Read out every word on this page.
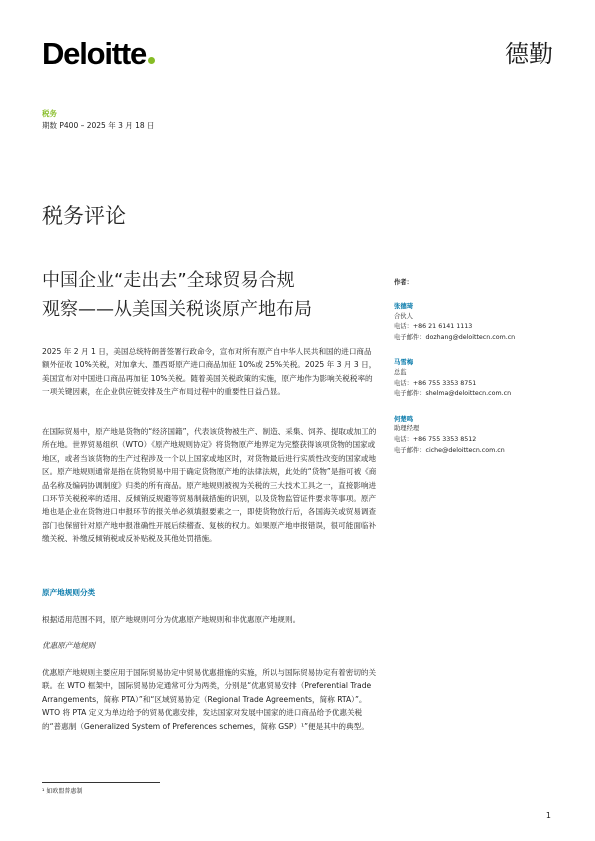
Deloitte	德勤
税务
期数 P400 – 2025 年 3 月 18 日
税务评论
中国企业“走出去”全球贸易合规
观察——从美国关税谈原产地布局

2025 年 2 月 1 日，美国总统特朗普签署行政命令，宣布对所有原产自中华人民共和国的进口商品额外征收 10%关税，对加拿大、墨西哥原产进口商品加征 10%或 25%关税。2025 年 3 月 3 日，美国宣布对中国进口商品再加征 10%关税。随着美国关税政策的实施，原产地作为影响关税税率的一项关键因素，在企业供应链安排及生产布局过程中的重要性日益凸显。

在国际贸易中，原产地是货物的“经济国籍”，代表该货物被生产、制造、采集、饲养、提取或加工的所在地。世界贸易组织（WTO）《原产地规则协定》将货物原产地界定为完整获得该项货物的国家或地区，或者当该货物的生产过程涉及一个以上国家或地区时，对货物最后进行实质性改变的国家或地区。原产地规则通常是指在货物贸易中用于确定货物原产地的法律法规，此处的“货物”是指可被《商品名称及编码协调制度》归类的所有商品。原产地规则被视为关税的三大技术工具之一，直接影响进口环节关税税率的适用、反倾销反规避等贸易制裁措施的识别，以及货物监管证件要求等事项。原产地也是企业在货物进口申报环节的报关单必须填报要素之一，即使货物放行后，各国海关或贸易调查部门也保留针对原产地申报准确性开展后续稽查、复核的权力。如果原产地申报错误，很可能面临补缴关税、补缴反倾销税或反补贴税及其他处罚措施。

原产地规则分类

根据适用范围不同，原产地规则可分为优惠原产地规则和非优惠原产地规则。

优惠原产地规则

优惠原产地规则主要应用于国际贸易协定中贸易优惠措施的实施，所以与国际贸易协定有着密切的关联。在 WTO 框架中，国际贸易协定通常可分为两类，分别是“优惠贸易安排（Preferential Trade Arrangements，简称 PTA）”和“区域贸易协定（Regional Trade Agreements，简称 RTA）”。WTO 将 PTA 定义为单边给予的贸易优惠安排，发达国家对发展中国家的进口商品给予优惠关税的“普惠制（Generalized System of Preferences schemes，简称 GSP）¹”便是其中的典型。

¹ 如欧盟普惠制
1
作者：
张德琦
合伙人
电话：+86 21 6141 1113
电子邮件：dozhang@deloittecn.com.cn
马雪梅
总监
电话：+86 755 3353 8751
电子邮件：shelma@deloittecn.com.cn
何楚鸣
助理经理
电话：+86 755 3353 8512
电子邮件：ciche@deloittecn.com.cn
